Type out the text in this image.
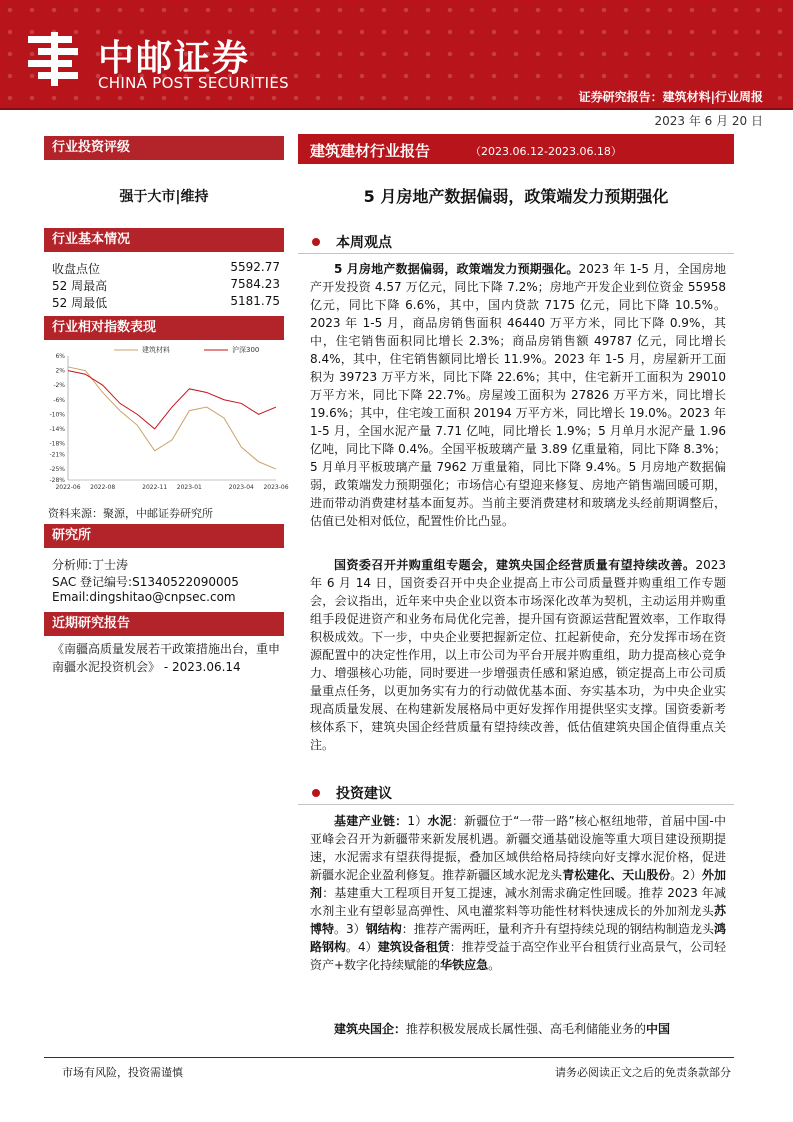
中邮证券
CHINA POST SECURITIES
证券研究报告：建筑材料|行业周报
2023 年 6 月 20 日
行业投资评级
强于大市|维持
行业基本情况
收盘点位	5592.77
52 周最高	7584.23
52 周最低	5181.75
行业相对指数表现
6%
2%
-2%
-6%
-10%
-14%
-18%
-21%
-25%
-28%
2022-06 2022-08	2022-11 2023-01	2023-04 2023-06
建筑材料	沪深300
资料来源：聚源，中邮证券研究所
研究所
分析师:丁士涛
SAC 登记编号:S1340522090005
Email:dingshitao@cnpsec.com
近期研究报告
《南疆高质量发展若干政策措施出台，重申南疆水泥投资机会》 - 2023.06.14
建筑建材行业报告	（2023.06.12-2023.06.18）
5 月房地产数据偏弱，政策端发力预期强化
本周观点

5 月房地产数据偏弱，政策端发力预期强化。2023 年 1-5 月，全国房地产开发投资 4.57 万亿元，同比下降 7.2%；房地产开发企业到位资金 55958 亿元，同比下降 6.6%，其中，国内贷款 7175 亿元，同比下降 10.5%。2023 年 1-5 月，商品房销售面积 46440 万平方米，同比下降 0.9%，其中，住宅销售面积同比增长 2.3%；商品房销售额 49787 亿元，同比增长 8.4%，其中，住宅销售额同比增长 11.9%。2023 年 1-5 月，房屋新开工面积为 39723 万平方米，同比下降 22.6%；其中，住宅新开工面积为 29010 万平方米，同比下降 22.7%。房屋竣工面积为 27826 万平方米，同比增长 19.6%；其中，住宅竣工面积 20194 万平方米，同比增长 19.0%。2023 年 1-5 月，全国水泥产量 7.71 亿吨，同比增长 1.9%；5 月单月水泥产量 1.96 亿吨，同比下降 0.4%。全国平板玻璃产量 3.89 亿重量箱，同比下降 8.3%；5 月单月平板玻璃产量 7962 万重量箱，同比下降 9.4%。5 月房地产数据偏弱，政策端发力预期强化；市场信心有望迎来修复、房地产销售端回暖可期，进而带动消费建材基本面复苏。当前主要消费建材和玻璃龙头经前期调整后，估值已处相对低位，配置性价比凸显。

国资委召开并购重组专题会，建筑央国企经营质量有望持续改善。2023 年 6 月 14 日，国资委召开中央企业提高上市公司质量暨并购重组工作专题会，会议指出，近年来中央企业以资本市场深化改革为契机，主动运用并购重组手段促进资产和业务布局优化完善，提升国有资源运营配置效率，工作取得积极成效。下一步，中央企业要把握新定位、扛起新使命，充分发挥市场在资源配置中的决定性作用，以上市公司为平台开展并购重组，助力提高核心竞争力、增强核心功能，同时要进一步增强责任感和紧迫感，锁定提高上市公司质量重点任务，以更加务实有力的行动做优基本面、夯实基本功，为中央企业实现高质量发展、在构建新发展格局中更好发挥作用提供坚实支撑。国资委新考核体系下，建筑央国企经营质量有望持续改善，低估值建筑央国企值得重点关注。

投资建议

基建产业链：1）水泥：新疆位于“一带一路”核心枢纽地带，首届中国-中亚峰会召开为新疆带来新发展机遇。新疆交通基础设施等重大项目建设预期提速，水泥需求有望获得提振，叠加区域供给格局持续向好支撑水泥价格，促进新疆水泥企业盈利修复。推荐新疆区域水泥龙头青松建化、天山股份。2）外加剂：基建重大工程项目开复工提速，减水剂需求确定性回暖。推荐 2023 年减水剂主业有望彰显高弹性、风电灌浆料等功能性材料快速成长的外加剂龙头苏博特。3）钢结构：推荐产需两旺，量利齐升有望持续兑现的钢结构制造龙头鸿路钢构。4）建筑设备租赁：推荐受益于高空作业平台租赁行业高景气，公司轻资产+数字化持续赋能的华铁应急。

建筑央国企：推荐积极发展成长属性强、高毛利储能业务的中国

市场有风险，投资需谨慎	请务必阅读正文之后的免责条款部分
